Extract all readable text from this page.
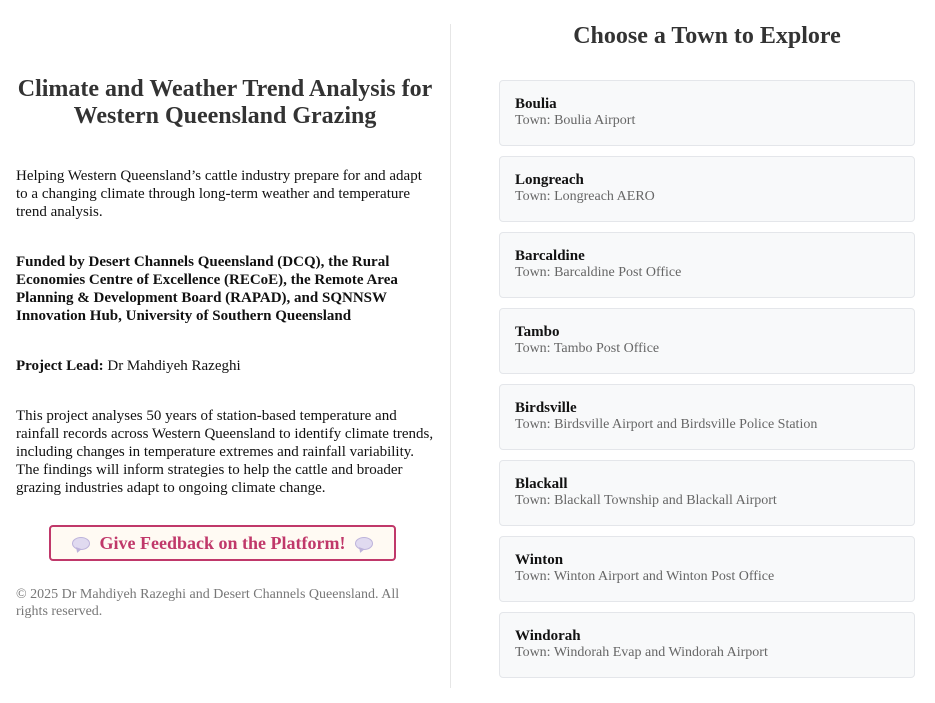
Climate and Weather Trend Analysis for Western Queensland Grazing

Helping Western Queensland’s cattle industry prepare for and adapt to a changing climate through long-term weather and temperature trend analysis.

Funded by Desert Channels Queensland (DCQ), the Rural Economies Centre of Excellence (RECoE), the Remote Area Planning & Development Board (RAPAD), and SQNNSW Innovation Hub, University of Southern Queensland

Project Lead: Dr Mahdiyeh Razeghi

This project analyses 50 years of station-based temperature and rainfall records across Western Queensland to identify climate trends, including changes in temperature extremes and rainfall variability. The findings will inform strategies to help the cattle and broader grazing industries adapt to ongoing climate change.

Give Feedback on the Platform!

© 2025 Dr Mahdiyeh Razeghi and Desert Channels Queensland. All rights reserved.

Choose a Town to Explore
Boulia
Town: Boulia Airport
Longreach
Town: Longreach AERO
Barcaldine
Town: Barcaldine Post Office
Tambo
Town: Tambo Post Office
Birdsville
Town: Birdsville Airport and Birdsville Police Station
Blackall
Town: Blackall Township and Blackall Airport
Winton
Town: Winton Airport and Winton Post Office
Windorah
Town: Windorah Evap and Windorah Airport
